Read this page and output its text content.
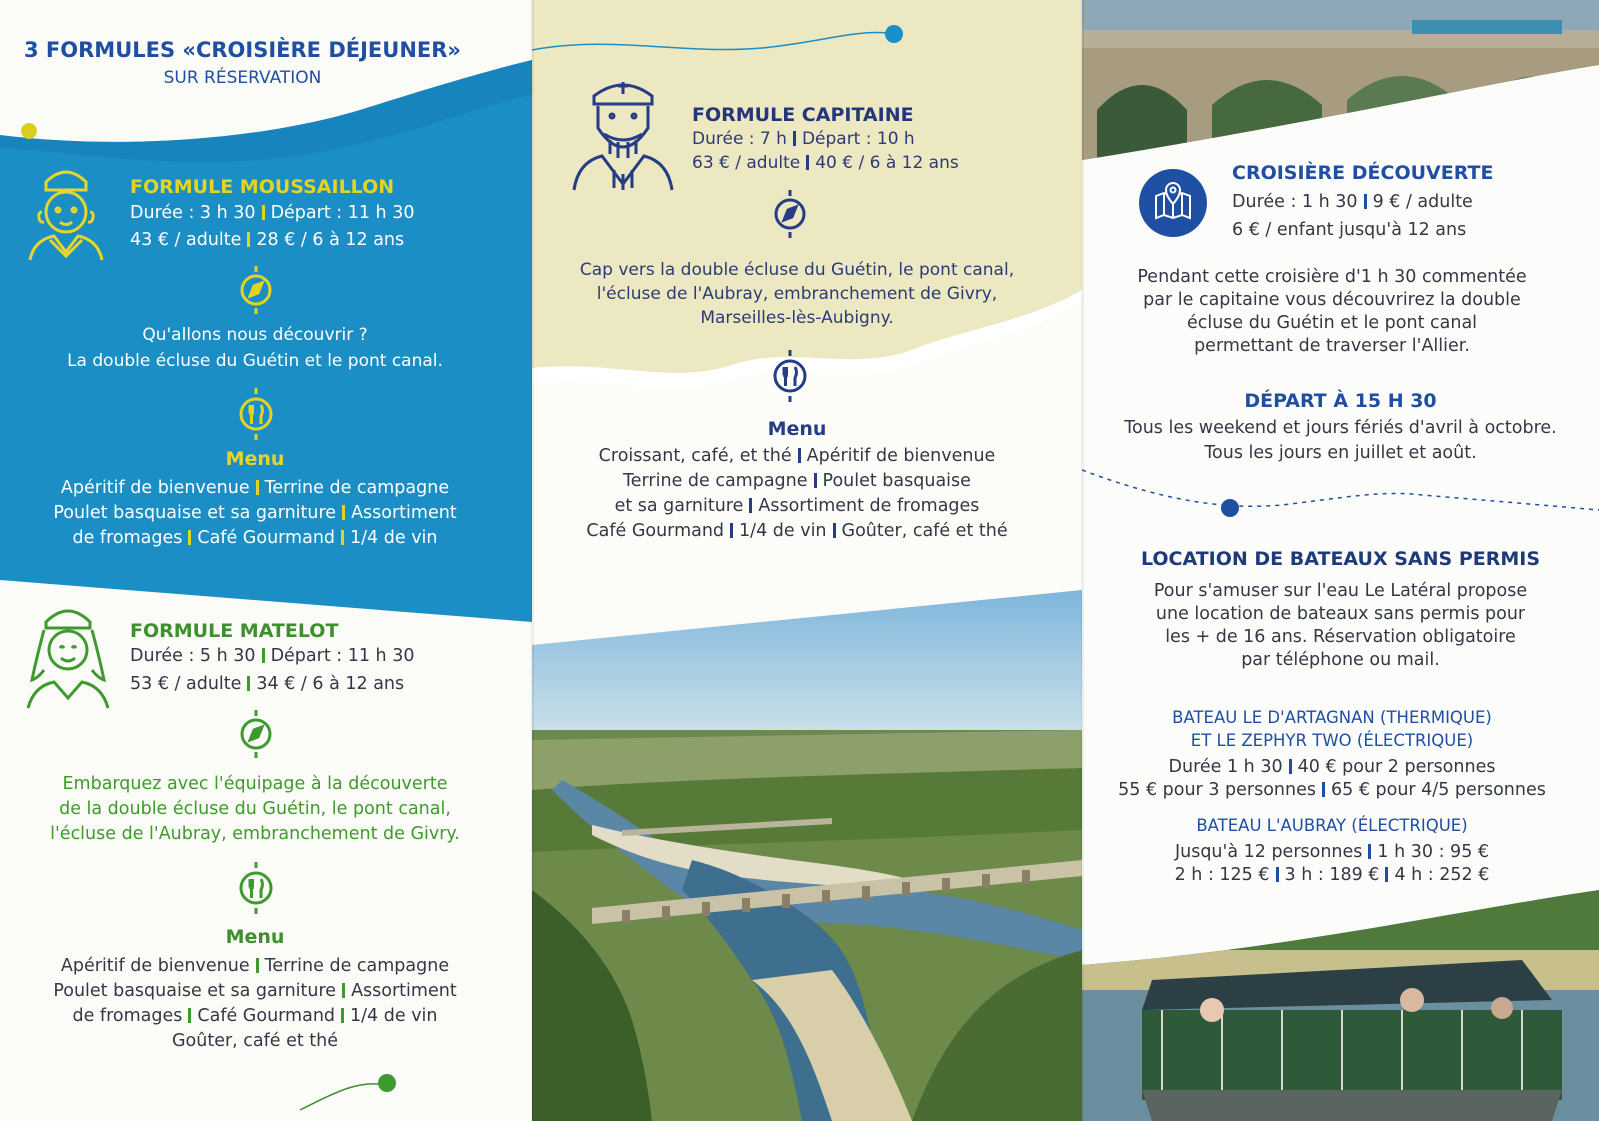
3 FORMULES «CROISIÈRE DÉJEUNER»
SUR RÉSERVATION
FORMULE MOUSSAILLON
Durée : 3 h 30 Départ : 11 h 30
43 € / adulte 28 € / 6 à 12 ans
Qu'allons nous découvrir ?
La double écluse du Guétin et le pont canal.
Menu
Apéritif de bienvenue Terrine de campagne
Poulet basquaise et sa garniture Assortiment
de fromages Café Gourmand 1/4 de vin
FORMULE MATELOT
Durée : 5 h 30 Départ : 11 h 30
53 € / adulte 34 € / 6 à 12 ans
Embarquez avec l'équipage à la découverte
de la double écluse du Guétin, le pont canal,
l'écluse de l'Aubray, embranchement de Givry.
Menu
Apéritif de bienvenue Terrine de campagne
Poulet basquaise et sa garniture Assortiment
de fromages Café Gourmand 1/4 de vin
Goûter, café et thé
FORMULE CAPITAINE
Durée : 7 h Départ : 10 h
63 € / adulte 40 € / 6 à 12 ans
Cap vers la double écluse du Guétin, le pont canal,
l'écluse de l'Aubray, embranchement de Givry,
Marseilles-lès-Aubigny.
Menu
Croissant, café, et thé Apéritif de bienvenue
Terrine de campagne Poulet basquaise
et sa garniture Assortiment de fromages
Café Gourmand 1/4 de vin Goûter, café et thé
CROISIÈRE DÉCOUVERTE
Durée : 1 h 30 9 € / adulte
6 € / enfant jusqu'à 12 ans
Pendant cette croisière d'1 h 30 commentée
par le capitaine vous découvrirez la double
écluse du Guétin et le pont canal
permettant de traverser l'Allier.
DÉPART À 15 H 30
Tous les weekend et jours fériés d'avril à octobre.
Tous les jours en juillet et août.
LOCATION DE BATEAUX SANS PERMIS
Pour s'amuser sur l'eau Le Latéral propose
une location de bateaux sans permis pour
les + de 16 ans. Réservation obligatoire
par téléphone ou mail.
BATEAU LE D'ARTAGNAN (THERMIQUE)
ET LE ZEPHYR TWO (ÉLECTRIQUE)
Durée 1 h 30 40 € pour 2 personnes
55 € pour 3 personnes 65 € pour 4/5 personnes
BATEAU L'AUBRAY (ÉLECTRIQUE)
Jusqu'à 12 personnes 1 h 30 : 95 €
2 h : 125 € 3 h : 189 € 4 h : 252 €
